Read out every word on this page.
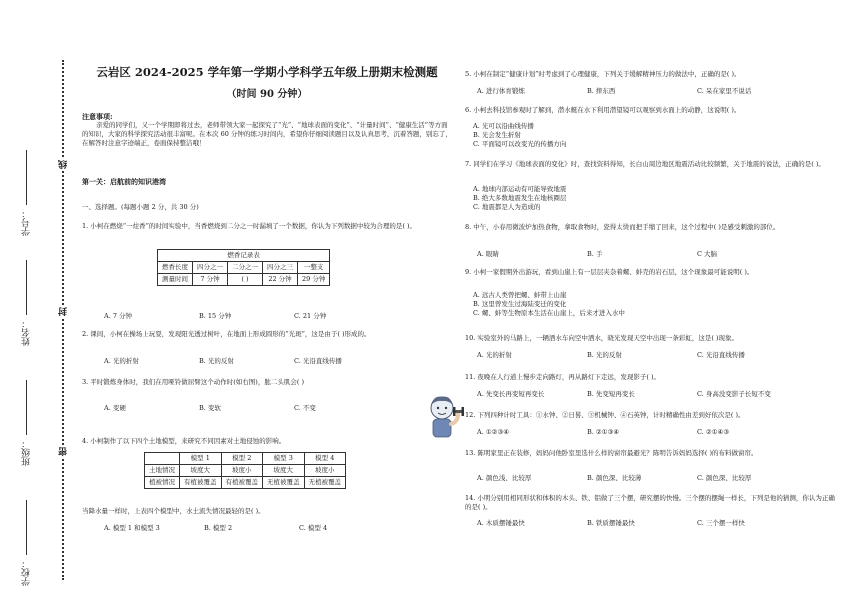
学号：
姓名：
班级：
学校：
线
封
密
云岩区 2024-2025 学年第一学期小学科学五年级上册期末检测题
（时间 90 分钟）
注意事项:

亲爱的同学们，又一个学期即将过去，老师带领大家一起探究了“光”、“地球表面的变化”、“计量时间”、“健康生活”等方面的知识，大家的科学探究活动很丰富呢。在本次 60 分钟的练习时间内，希望你仔细阅读题目以及认真思考，沉着答题，别忘了，在解答时注意字迹端正，卷面保持整洁哦！

第一关：启航前的知识港湾
一、选择题。(每题小题 2 分，共 30 分)

1. 小柯在燃烧“一炷香”的时间实验中，当香燃烧到二分之一时漏填了一个数据，你认为下列数据中较为合理的是( )。

燃香记录表				
燃香长度	四分之一	二分之一	四分之三	一整支
测量时间	7 分钟	( )	22 分钟	29 分钟
A. 7 分钟	B. 15 分钟	C. 21 分钟

2. 课间，小柯在操场上玩耍，发现阳光透过树叶，在地面上形成圆形的“光斑”，这是由于( )形成的。

A. 光的折射	B. 光的反射	C. 光沿直线传播

3. 平时锻炼身体时，我们在用哑铃做屈臂这个动作时(如右图)，肱二头肌会( )

A. 变硬	B. 变软	C. 不变

4. 小柯制作了以下四个土地模型，来研究不同因素对土地侵蚀的影响。

	模型 1	模型 2	模型 3	模型 4
土地情况	坡度大	坡度小	坡度大	坡度小
植被情况	有植被覆盖	有植被覆盖	无植被覆盖	无植被覆盖
当降水量一样时，上表四个模型中，水土流失情况最轻的是( )。
A. 模型 1 和模型 3	B. 模型 2	C. 模型 4
5. 小柯在制定“健康计划”时考虑到了心理健康，下列关于缓解精神压力的做法中，正确的是( )。
A. 进行体育锻炼	B. 摔东西	C. 呆在家里不说话
6. 小柯去科技馆参观时了解到，潜水艇在水下利用潜望镜可以观察到水面上的动静，这说明( )。
A. 光可以沿曲线传播
B. 光会发生折射
C. 平面镜可以改变光的传播方向
7. 同学们在学习《地球表面的变化》时，查找资料得知，长白山周边地区地震活动比较频繁，关于地震的说法，正确的是( )。
A. 地球内部运动有可能导致地震
B. 绝大多数地震发生在地核圈层
C. 地震都是人为造成的
8. 中午，小春用微波炉加热食物，拿取食物时，瓷得太烫而把手缩了回来，这个过程中( )是感受刺激的部位。
A. 眼睛	B. 手	C 大脑
9. 小柯一家假期外出游玩，看到山崖上有一层层夹杂着螺、蚌壳的岩石层，这个现象最可能说明( )。
A. 远古人类曾把螺、蚌带上山崖
B. 这里曾发生过海陆变迁的变化
C. 螺、蚌等生物原本生活在山崖上，后来才进入水中
10. 实验室外的马路上，一辆洒水车向空中洒水，晓光发现天空中出现一条彩虹，这是( )现象。
A. 光的折射	B. 光的反射	C. 光沿直线传播
11. 夜晚在人行道上慢步走向路灯，再从路灯下走远，发现影子( )。
A. 先变长再变短再变长	B. 先变短再变长	C. 身高没变影子长短不变
12. 下列四种计时工具：①水钟、②日晷、③机械钟、④石英钟，计时精确性由差到好依次是( )。
A. ①②③④	B. ②①③④	C. ②①④③
13. 陈明家里正在装修，妈妈问他卧室里选什么样的窗帘最避光？陈明告诉妈妈选择( )的布料做窗帘。
A. 颜色浅、比较厚	B. 颜色深、比较薄	C. 颜色深、比较厚
14. 小明分别用相同形状和体积的木头、铁、铝做了三个摆，研究摆的快慢。三个摆的摆绳一样长，下列是他的猜测，你认为正确的是( )。
A. 木质摆锤最快	B. 铁质摆锤最快	C. 三个摆一样快
